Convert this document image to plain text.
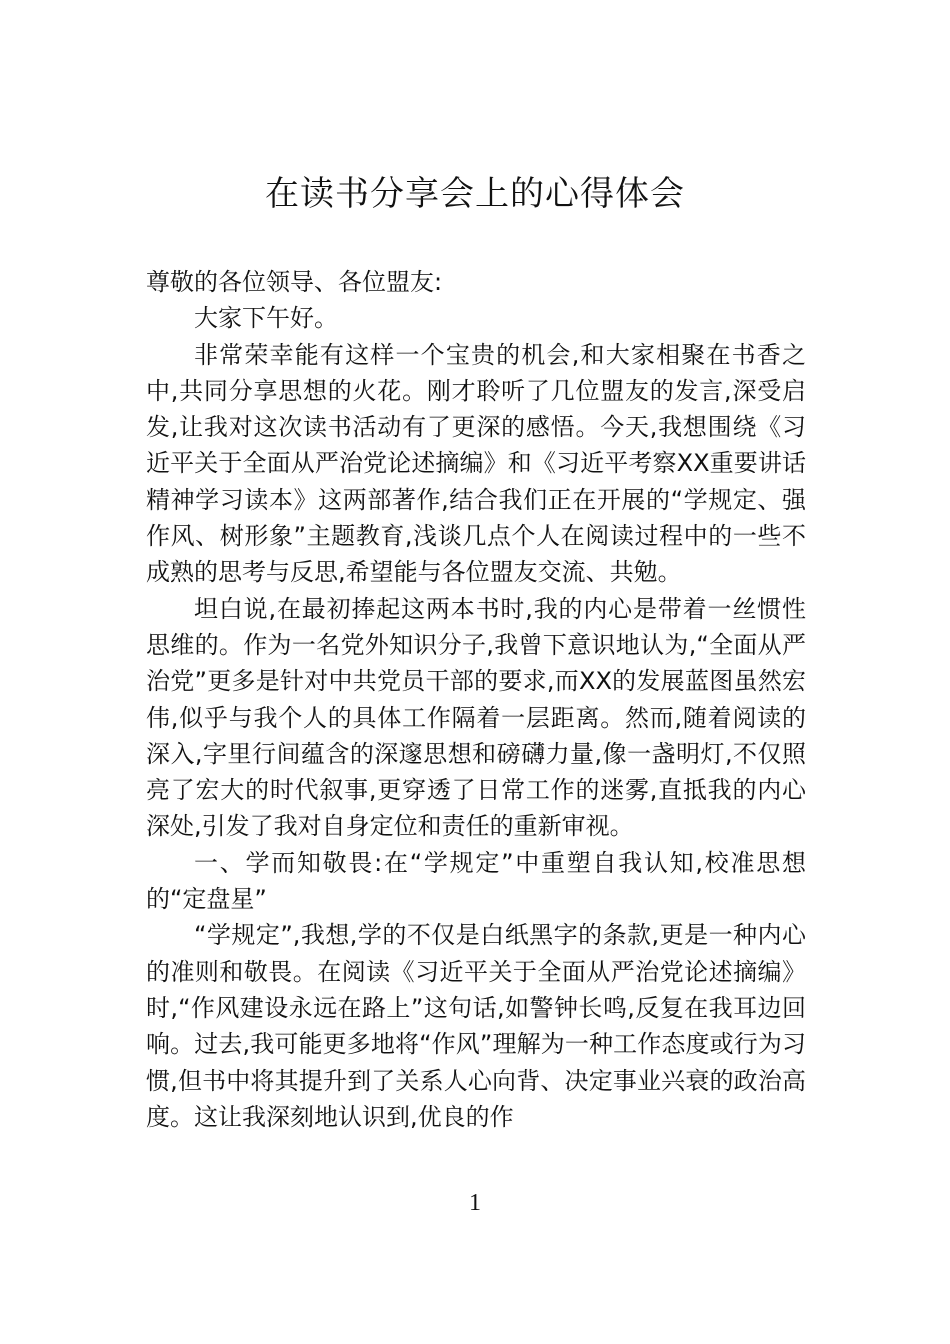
在读书分享会上的心得体会

尊敬的各位领导、各位盟友:

大家下午好。

非常荣幸能有这样一个宝贵的机会,和大家相聚在书香之中,共同分享思想的火花。刚才聆听了几位盟友的发言,深受启发,让我对这次读书活动有了更深的感悟。今天,我想围绕《习近平关于全面从严治党论述摘编》和《习近平考察XX重要讲话精神学习读本》这两部著作,结合我们正在开展的“学规定、强作风、树形象”主题教育,浅谈几点个人在阅读过程中的一些不成熟的思考与反思,希望能与各位盟友交流、共勉。

坦白说,在最初捧起这两本书时,我的内心是带着一丝惯性思维的。作为一名党外知识分子,我曾下意识地认为,“全面从严治党”更多是针对中共党员干部的要求,而XX的发展蓝图虽然宏伟,似乎与我个人的具体工作隔着一层距离。然而,随着阅读的深入,字里行间蕴含的深邃思想和磅礴力量,像一盏明灯,不仅照亮了宏大的时代叙事,更穿透了日常工作的迷雾,直抵我的内心深处,引发了我对自身定位和责任的重新审视。

一、学而知敬畏:在“学规定”中重塑自我认知,校准思想的“定盘星”

“学规定”,我想,学的不仅是白纸黑字的条款,更是一种内心的准则和敬畏。在阅读《习近平关于全面从严治党论述摘编》时,“作风建设永远在路上”这句话,如警钟长鸣,反复在我耳边回响。过去,我可能更多地将“作风”理解为一种工作态度或行为习惯,但书中将其提升到了关系人心向背、决定事业兴衰的政治高度。这让我深刻地认识到,优良的作

1
